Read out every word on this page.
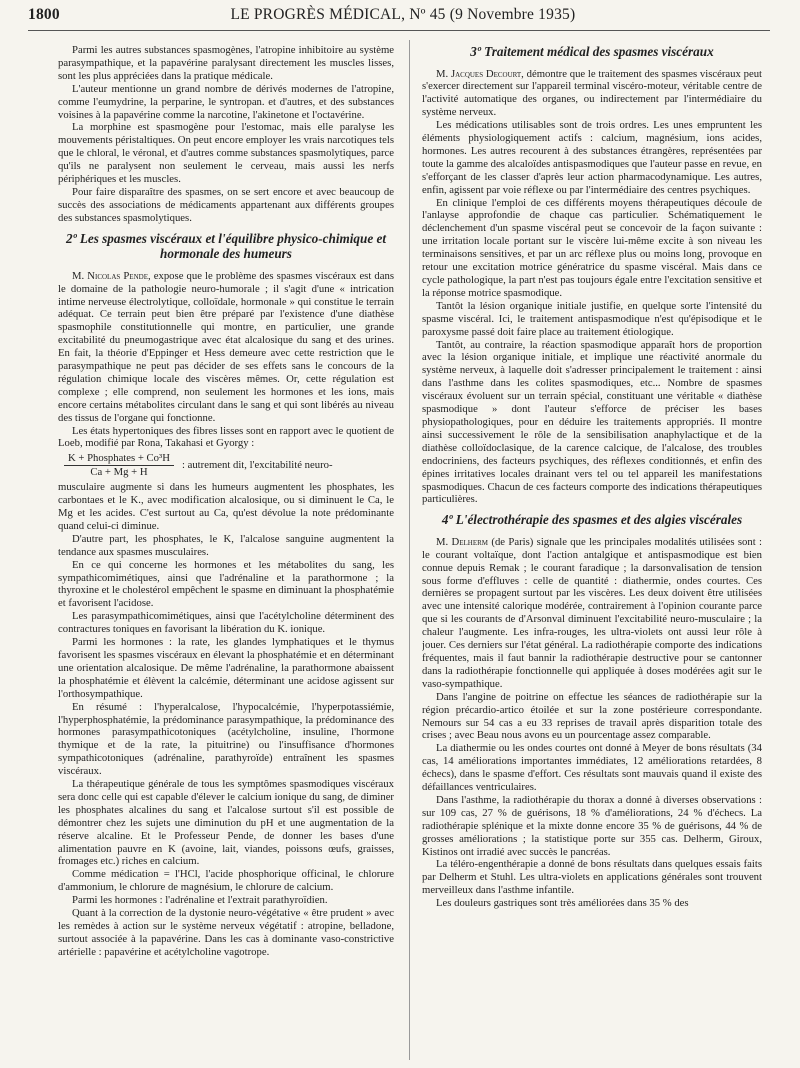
1800	LE PROGRÈS MÉDICAL, Nº 45 (9 Novembre 1935)

Parmi les autres substances spasmogènes, l'atropine inhibitoire au système parasympathique, et la papavérine paralysant directement les muscles lisses, sont les plus appréciées dans la pratique médicale.

L'auteur mentionne un grand nombre de dérivés modernes de l'atropine, comme l'eumydrine, la perparine, le syntropan. et d'autres, et des substances voisines à la papavérine comme la narcotine, l'akinetone et l'octavérine.

La morphine est spasmogène pour l'estomac, mais elle paralyse les mouvements péristaltiques. On peut encore employer les vrais narcotiques tels que le chloral, le véronal, et d'autres comme substances spasmolytiques, parce qu'ils ne paralysent non seulement le cerveau, mais aussi les nerfs périphériques et les muscles.

Pour faire disparaître des spasmes, on se sert encore et avec beaucoup de succès des associations de médicaments appartenant aux différents groupes des substances spasmolytiques.

2º Les spasmes viscéraux et l'équilibre physico-chimique et hormonale des humeurs

M. Nicolas Pende, expose que le problème des spasmes viscéraux est dans le domaine de la pathologie neuro-humorale ; il s'agit d'une « intrication intime nerveuse électrolytique, colloïdale, hormonale » qui constitue le terrain adéquat. Ce terrain peut bien être préparé par l'existence d'une diathèse spasmophile constitutionnelle qui montre, en particulier, une grande excitabilité du pneumogastrique avec état alcalosique du sang et des urines. En fait, la théorie d'Eppinger et Hess demeure avec cette restriction que le parasympathique ne peut pas décider de ses effets sans le concours de la régulation chimique locale des viscères mêmes. Or, cette régulation est complexe ; elle comprend, non seulement les hormones et les ions, mais encore certains métabolites circulant dans le sang et qui sont libérés au niveau des tissus de l'organe qui fonctionne.

Les états hypertoniques des fibres lisses sont en rapport avec le quotient de Loeb, modifié par Rona, Takahasi et Gyorgy :

$\frac{\text{K + Phosphates + Co³H}}{Ca + Mg + H}$ : autrement dit, l'excitabilité neuro-

musculaire augmente si dans les humeurs augmentent les phosphates, les carbontaes et le K., avec modification alcalosique, ou si diminuent le Ca, le Mg et les acides. C'est surtout au Ca, qu'est dévolue la note prédominante quand celui-ci diminue.

D'autre part, les phosphates, le K, l'alcalose sanguine augmentent la tendance aux spasmes musculaires.

En ce qui concerne les hormones et les métabolites du sang, les sympathicomimétiques, ainsi que l'adrénaline et la parathormone ; la thyroxine et le cholestérol empêchent le spasme en diminuant la phosphatémie et favorisent l'acidose.

Les parasympathicomimétiques, ainsi que l'acétylcholine déterminent des contractures toniques en favorisant la libération du K. ionique.

Parmi les hormones : la rate, les glandes lymphatiques et le thymus favorisent les spasmes viscéraux en élevant la phosphatémie et en déterminant une orientation alcalosique. De même l'adrénaline, la parathormone abaissent la phosphatémie et élèvent la calcémie, déterminant une acidose agissent sur l'orthosympathique.

En résumé : l'hyperalcalose, l'hypocalcémie, l'hyperpotassiémie, l'hyperphosphatémie, la prédominance parasympathique, la prédominance des hormones parasympathicotoniques (acétylcholine, insuline, l'hormone thymique et de la rate, la pituitrine) ou l'insuffisance d'hormones sympathicotoniques (adrénaline, parathyroïde) entraînent les spasmes viscéraux.

La thérapeutique générale de tous les symptômes spasmodiques viscéraux sera donc celle qui est capable d'élever le calcium ionique du sang, de diminer les phosphates alcalines du sang et l'alcalose surtout s'il est possible de démontrer chez les sujets une diminution du pH et une augmentation de la réserve alcaline. Et le Professeur Pende, de donner les bases d'une alimentation pauvre en K (avoine, lait, viandes, poissons œufs, graisses, fromages etc.) riches en calcium.

Comme médication = l'HCl, l'acide phosphorique officinal, le chlorure d'ammonium, le chlorure de magnésium, le chlorure de calcium.

Parmi les hormones : l'adrénaline et l'extrait parathyroïdien.

Quant à la correction de la dystonie neuro-végétative « être prudent » avec les remèdes à action sur le système nerveux végétatif : atropine, belladone, surtout associée à la papavérine. Dans les cas à dominante vaso-constrictive artérielle : papavérine et acétylcholine vagotrope.

3º Traitement médical des spasmes viscéraux

M. Jacques Decourt, démontre que le traitement des spasmes viscéraux peut s'exercer directement sur l'appareil terminal viscéro-moteur, véritable centre de l'activité automatique des organes, ou indirectement par l'intermédiaire du système nerveux.

Les médications utilisables sont de trois ordres. Les unes empruntent les éléments physiologiquement actifs : calcium, magnésium, ions acides, hormones. Les autres recourent à des substances étrangères, représentées par toute la gamme des alcaloïdes antispasmodiques que l'auteur passe en revue, en s'efforçant de les classer d'après leur action pharmacodynamique. Les autres, enfin, agissent par voie réflexe ou par l'intermédiaire des centres psychiques.

En clinique l'emploi de ces différents moyens thérapeutiques découle de l'anlayse approfondie de chaque cas particulier. Schématiquement le déclenchement d'un spasme viscéral peut se concevoir de la façon suivante : une irritation locale portant sur le viscère lui-même excite à son niveau les terminaisons sensitives, et par un arc réflexe plus ou moins long, provoque en retour une excitation motrice génératrice du spasme viscéral. Mais dans ce cycle pathologique, la part n'est pas toujours égale entre l'excitation sensitive et la réponse motrice spasmodique.

Tantôt la lésion organique initiale justifie, en quelque sorte l'intensité du spasme viscéral. Ici, le traitement antispasmodique n'est qu'épisodique et le paroxysme passé doit faire place au traitement étiologique.

Tantôt, au contraire, la réaction spasmodique apparaît hors de proportion avec la lésion organique initiale, et implique une réactivité anormale du système nerveux, à laquelle doit s'adresser principalement le traitement : ainsi dans l'asthme dans les colites spasmodiques, etc... Nombre de spasmes viscéraux évoluent sur un terrain spécial, constituant une véritable « diathèse spasmodique » dont l'auteur s'efforce de préciser les bases physiopathologiques, pour en déduire les traitements appropriés. Il montre ainsi successivement le rôle de la sensibilisation anaphylactique et de la diathèse colloïdoclasique, de la carence calcique, de l'alcalose, des troubles endocriniens, des facteurs psychiques, des réflexes conditionnés, et enfin des épines irritatives locales drainant vers tel ou tel appareil les manifestations spasmodiques. Chacun de ces facteurs comporte des indications thérapeutiques particulières.

4º L'électrothérapie des spasmes et des algies viscérales

M. Delherm (de Paris) signale que les principales modalités utilisées sont : le courant voltaïque, dont l'action antalgique et antispasmodique est bien connue depuis Remak ; le courant faradique ; la darsonvalisation de tension sous forme d'effluves : celle de quantité : diathermie, ondes courtes. Ces dernières se propagent surtout par les viscères. Les deux doivent être utilisées avec une intensité calorique modérée, contrairement à l'opinion courante parce que si les courants de d'Arsonval diminuent l'excitabilité neuro-musculaire ; la chaleur l'augmente. Les infra-rouges, les ultra-violets ont aussi leur rôle à jouer. Ces derniers sur l'état général. La radiothérapie comporte des indications fréquentes, mais il faut bannir la radiothérapie destructive pour se cantonner dans la radiothérapie fonctionnelle qui appliquée à doses modérées agit sur le vaso-sympathique.

Dans l'angine de poitrine on effectue les séances de radiothérapie sur la région précardio-artico étoilée et sur la zone postérieure correspondante. Nemours sur 54 cas a eu 33 reprises de travail après disparition totale des crises ; avec Beau nous avons eu un pourcentage assez comparable.

La diathermie ou les ondes courtes ont donné à Meyer de bons résultats (34 cas, 14 améliorations importantes immédiates, 12 améliorations retardées, 8 échecs), dans le spasme d'effort. Ces résultats sont mauvais quand il existe des défaillances ventriculaires.

Dans l'asthme, la radiothérapie du thorax a donné à diverses observations : sur 109 cas, 27 % de guérisons, 18 % d'améliorations, 24 % d'échecs. La radiothérapie splénique et la mixte donne encore 35 % de guérisons, 44 % de grosses améliorations ; la statistique porte sur 355 cas. Delherm, Giroux, Kistinos ont irradié avec succès le pancréas.

La téléro-engenthérapie a donné de bons résultats dans quelques essais faits par Delherm et Stuhl. Les ultra-violets en applications générales sont trouvent merveilleux dans l'asthme infantile.

Les douleurs gastriques sont très améliorées dans 35 % des
